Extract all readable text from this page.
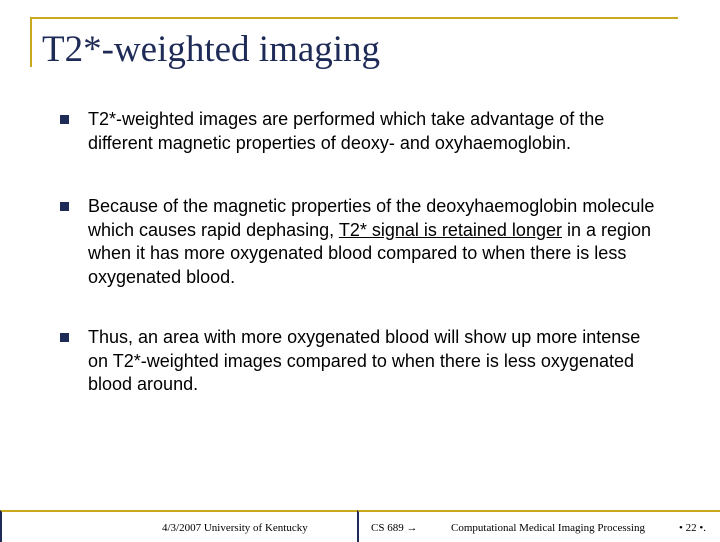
T2*-weighted imaging
T2*-weighted images are performed which take advantage of the different magnetic properties of deoxy- and oxyhaemoglobin.
Because of the magnetic properties of the deoxyhaemoglobin molecule which causes rapid dephasing, T2* signal is retained longer in a region when it has more oxygenated blood compared to when there is less oxygenated blood.
Thus, an area with more oxygenated blood will show up more intense on T2*-weighted images compared to when there is less oxygenated blood around.
4/3/2007 University of Kentucky	CS 689 →	Computational Medical Imaging Processing	• 22 •.
